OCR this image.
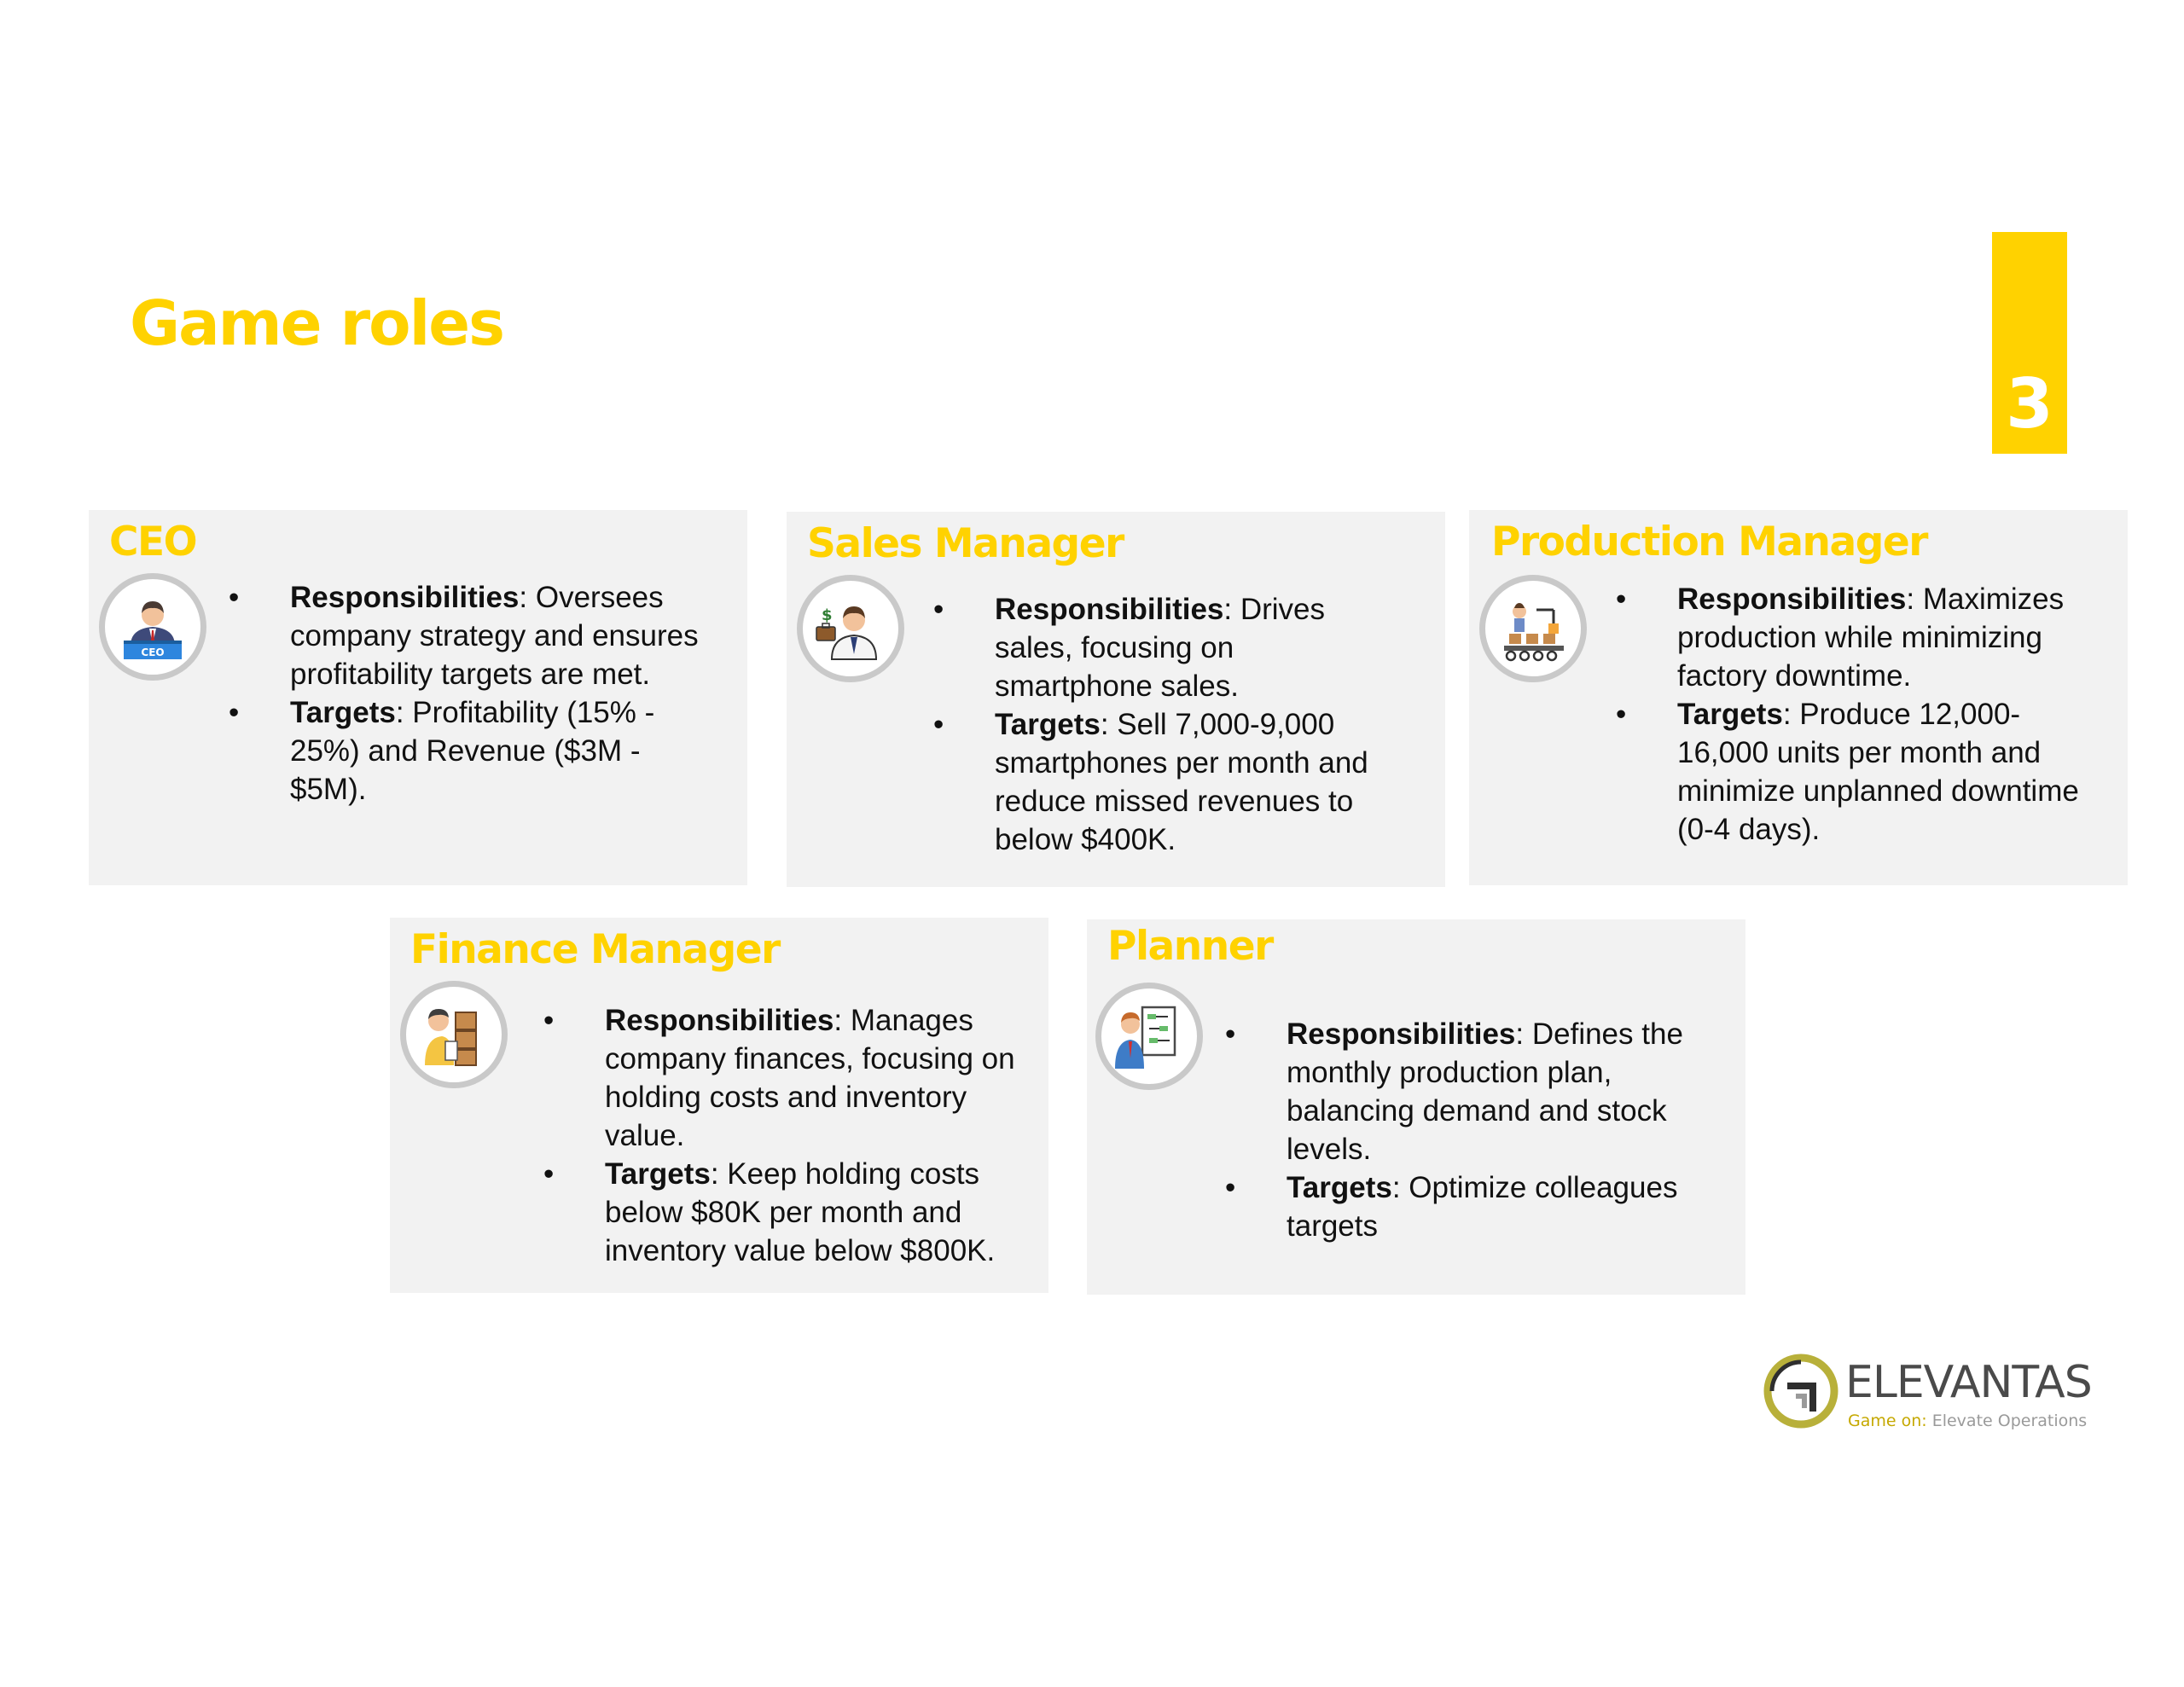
Game roles
3
CEO
CEO
• Responsibilities: Oversees company strategy and ensures profitability targets are met.
• Targets: Profitability (15% - 25%) and Revenue ($3M - $5M).
Sales Manager
$
•	Responsibilities: Drives sales, focusing on smartphone sales.
• Targets: Sell 7,000-9,000 smartphones per month and reduce missed revenues to below $400K.
Production Manager
• Responsibilities: Maximizes production while minimizing factory downtime.
• Targets: Produce 12,000-16,000 units per month and minimize unplanned downtime (0-4 days).
Finance Manager
• Responsibilities: Manages company finances, focusing on holding costs and inventory value.
• Targets: Keep holding costs below $80K per month and inventory value below $800K.
Planner
• Responsibilities: Defines the monthly production plan, balancing demand and stock levels.
• Targets: Optimize colleagues targets
ELEVANTAS
Game on: Elevate Operations
